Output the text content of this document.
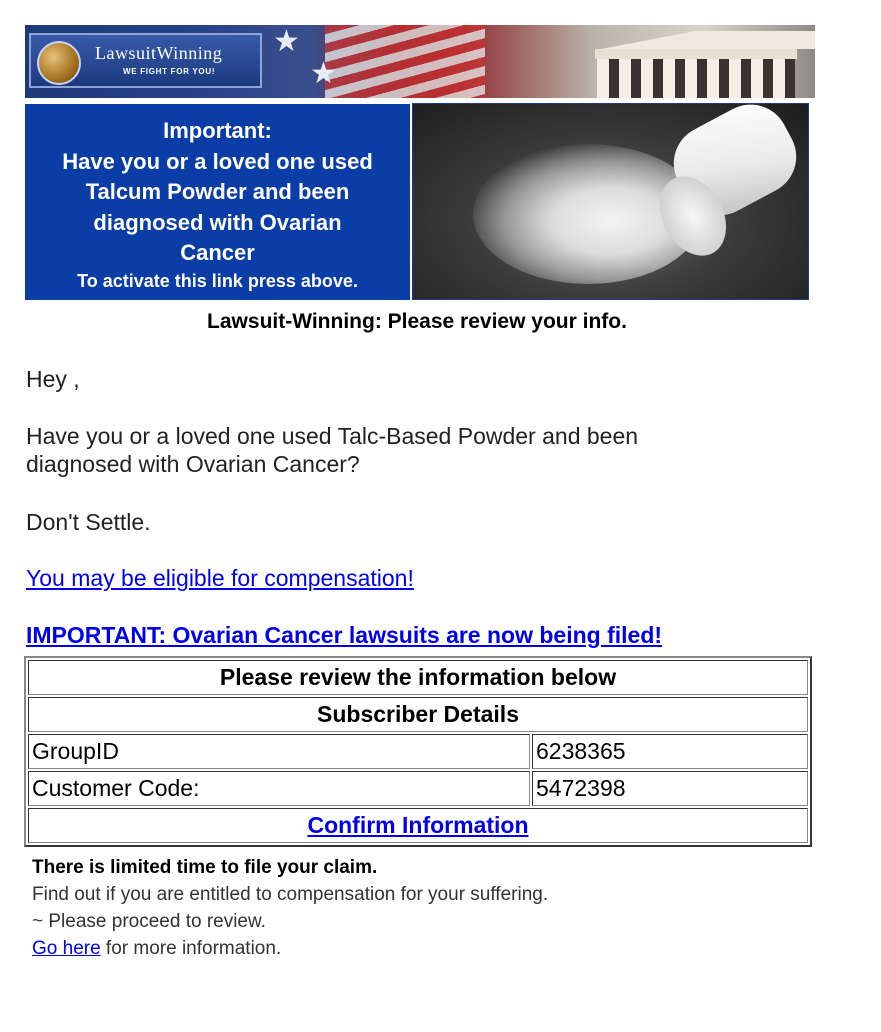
LawsuitWinning
WE FIGHT FOR YOU!
★
★
Important:
Have you or a loved one used
Talcum Powder and been
diagnosed with Ovarian
Cancer
To activate this link press above.
Lawsuit-Winning: Please review your info.
Hey ,
Have you or a loved one used Talc-Based Powder and been
diagnosed with Ovarian Cancer?
Don't Settle.
You may be eligible for compensation!
IMPORTANT: Ovarian Cancer lawsuits are now being filed!
Please review the information below	
Subscriber Details	
GroupID	6238365
Customer Code:	5472398
Confirm Information	
There is limited time to file your claim.
Find out if you are entitled to compensation for your suffering.
~ Please proceed to review.
Go here for more information.
